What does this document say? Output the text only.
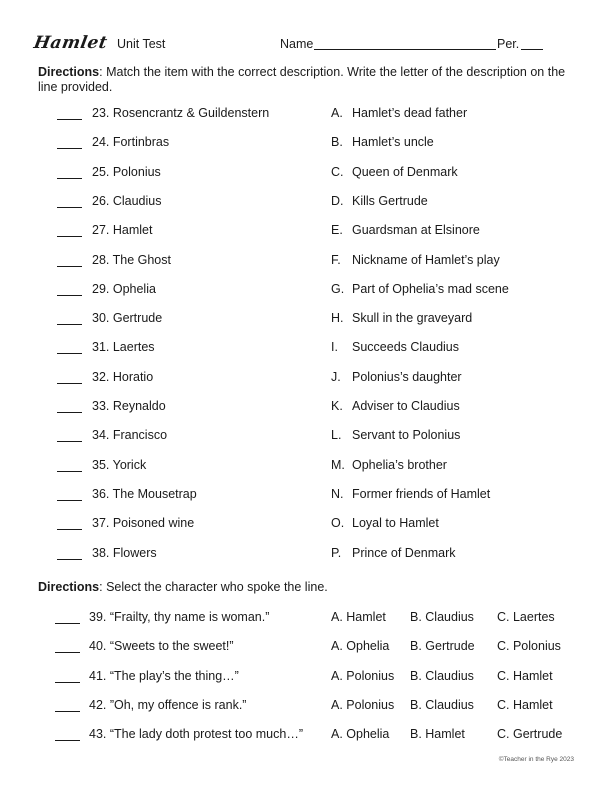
Hamlet Unit Test	Name	Per.
Directions: Match the item with the correct description. Write the letter of the description on the line provided.
23. Rosencrantz & Guildenstern	A. Hamlet’s dead father
24. Fortinbras	B. Hamlet’s uncle
25. Polonius	C. Queen of Denmark
26. Claudius	D. Kills Gertrude
27. Hamlet	E. Guardsman at Elsinore
28. The Ghost	F. Nickname of Hamlet’s play
29. Ophelia	G. Part of Ophelia’s mad scene
30. Gertrude	H. Skull in the graveyard
31. Laertes	I. Succeeds Claudius
32. Horatio	J. Polonius’s daughter
33. Reynaldo	K. Adviser to Claudius
34. Francisco	L. Servant to Polonius
35. Yorick	M. Ophelia’s brother
36. The Mousetrap	N. Former friends of Hamlet
37. Poisoned wine	O. Loyal to Hamlet
38. Flowers	P. Prince of Denmark
Directions: Select the character who spoke the line.
39. “Frailty, thy name is woman.”	A. Hamlet B. Claudius C. Laertes
40. “Sweets to the sweet!”	A. Ophelia B. Gertrude C. Polonius
41. “The play’s the thing…”	A. Polonius B. Claudius C. Hamlet
42. ”Oh, my offence is rank.”	A. Polonius B. Claudius C. Hamlet
43. “The lady doth protest too much…” A. Ophelia B. Hamlet	C. Gertrude
©Teacher in the Rye 2023
